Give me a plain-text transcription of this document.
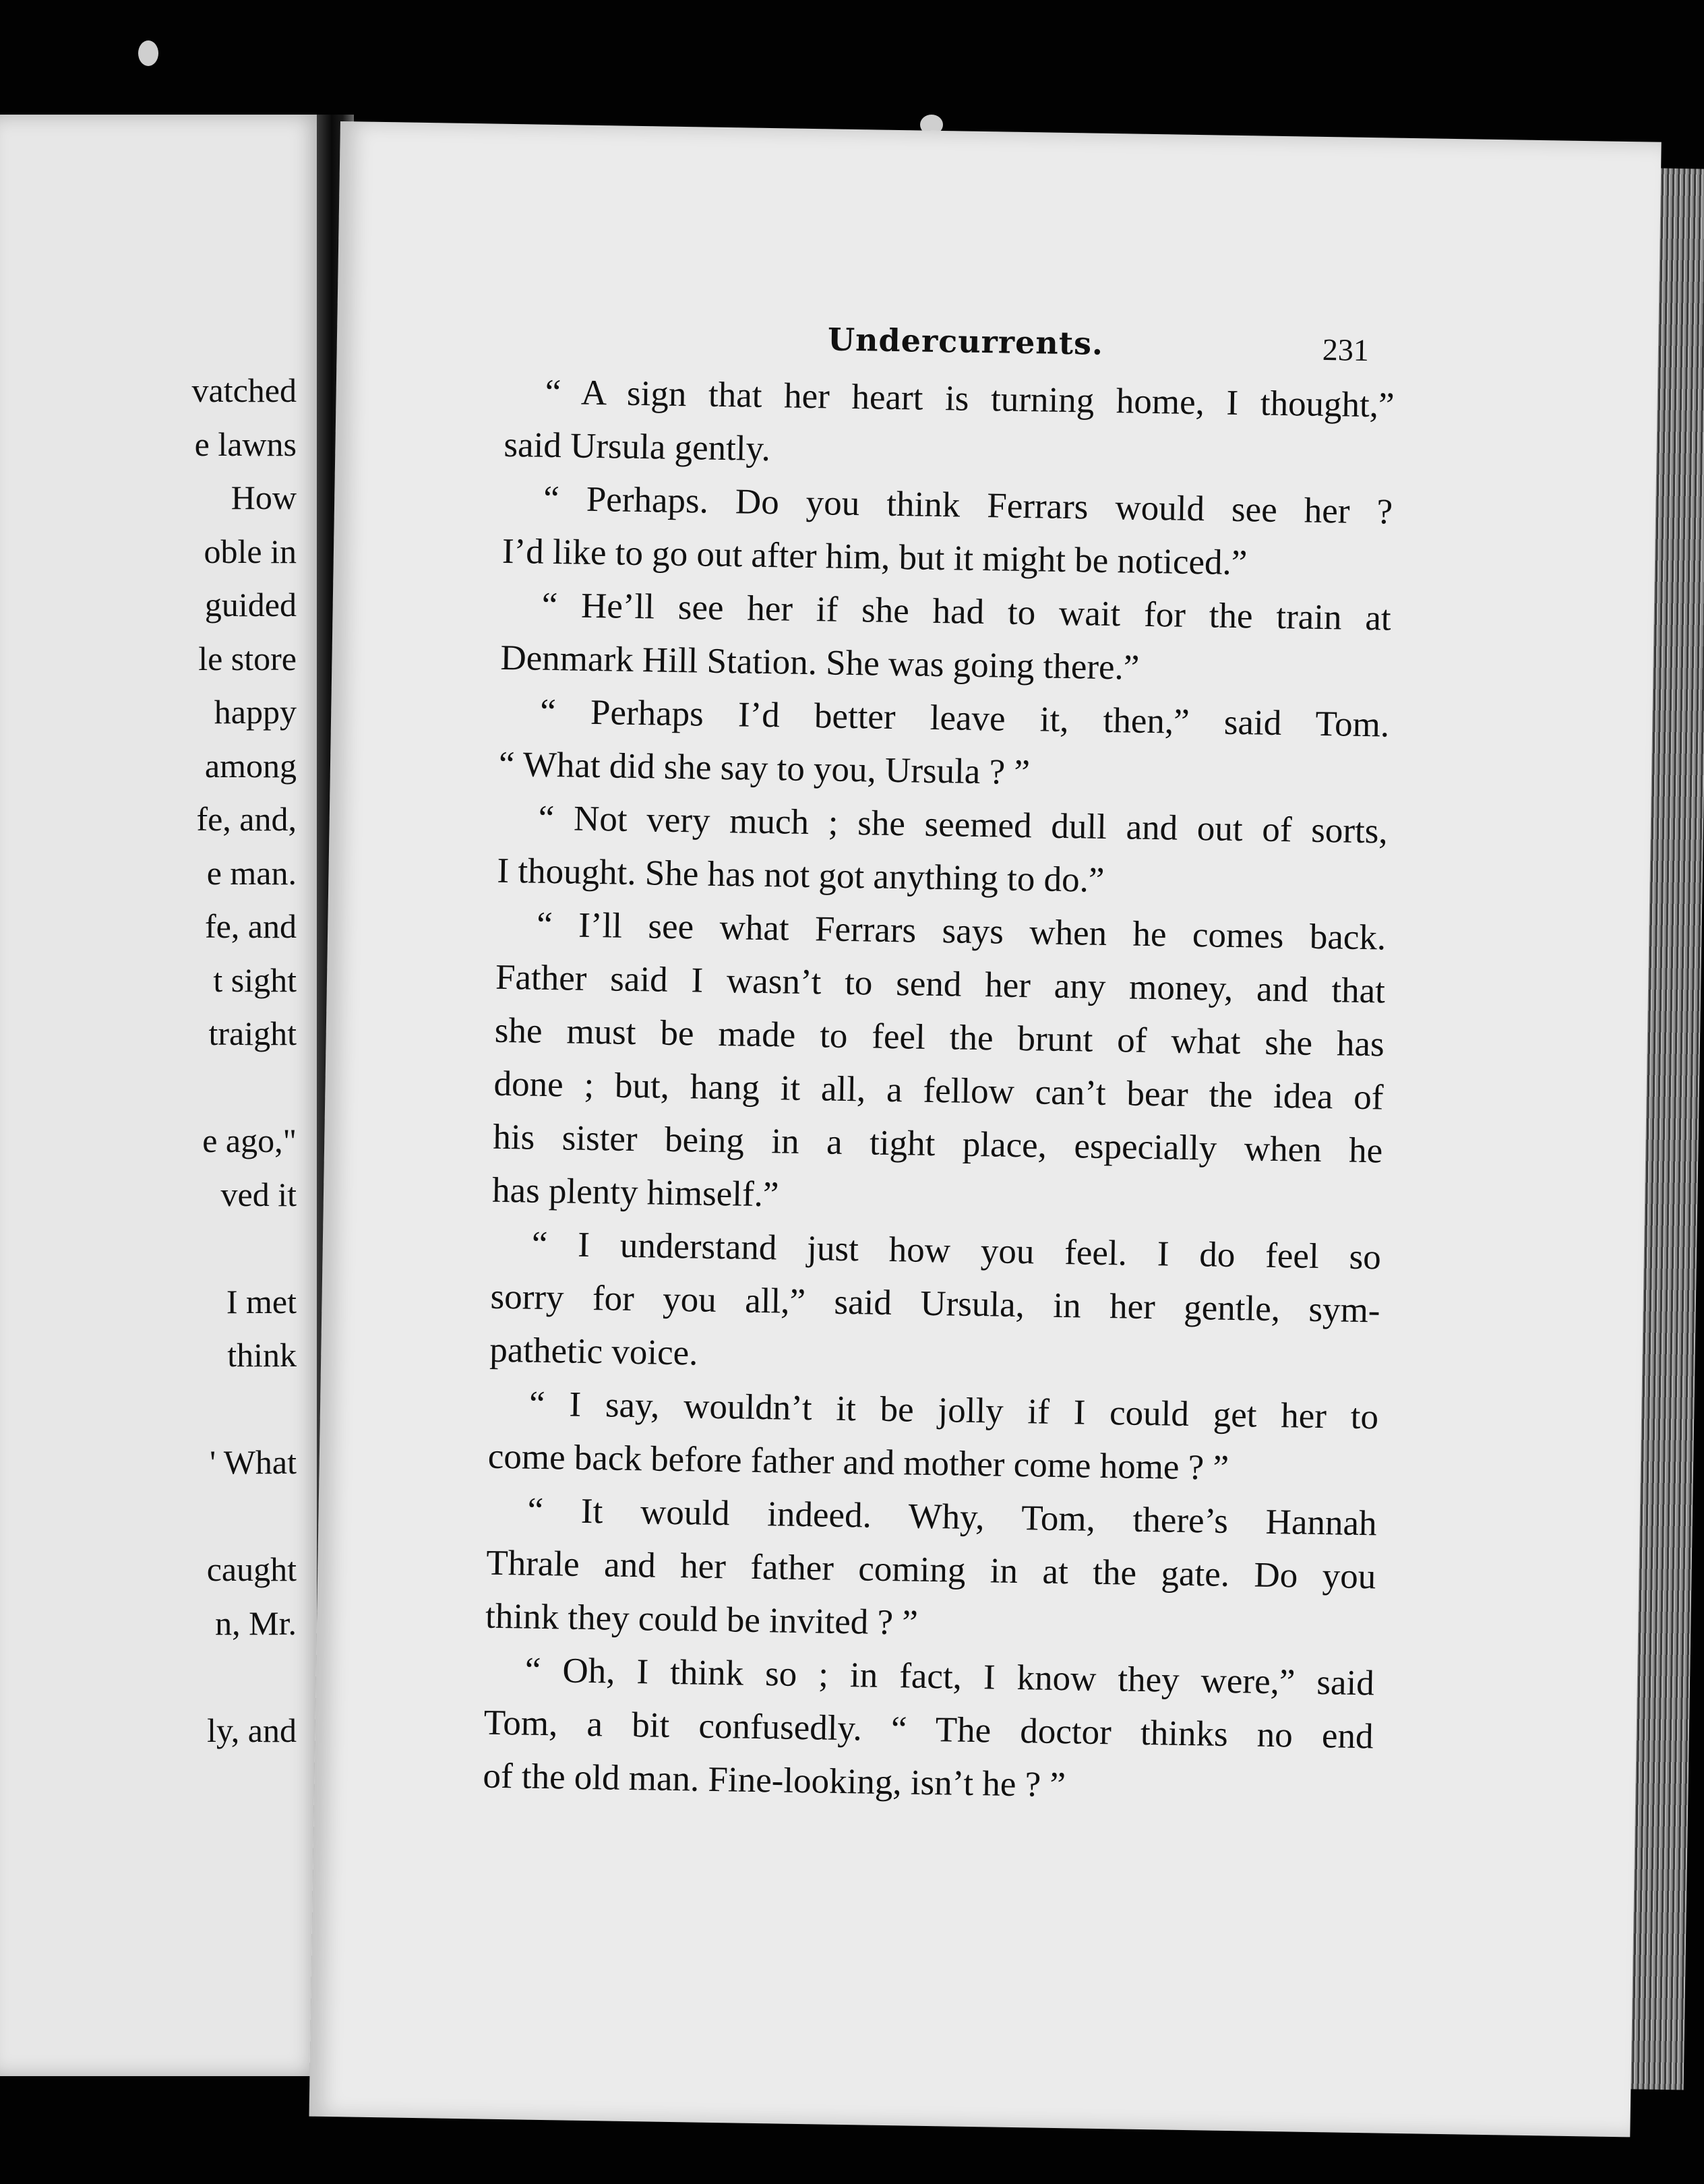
vatched

e lawns

How

oble in

guided

le store

happy

among

fe, and,

e man.

fe, and

t sight

traight

e ago,"

ved it

I met

think

' What

caught

n, Mr.

ly, and

Undercurrents.	231

“ A sign that her heart is turning home, I thought,”

said Ursula gently.

“ Perhaps. Do you think Ferrars would see her ?

I’d like to go out after him, but it might be noticed.”

“ He’ll see her if she had to wait for the train at

Denmark Hill Station. She was going there.”

“ Perhaps I’d better leave it, then,” said Tom.

“ What did she say to you, Ursula ? ”

“ Not very much ; she seemed dull and out of sorts,

I thought. She has not got anything to do.”

“ I’ll see what Ferrars says when he comes back.

Father said I wasn’t to send her any money, and that

she must be made to feel the brunt of what she has

done ; but, hang it all, a fellow can’t bear the idea of

his sister being in a tight place, especially when he

has plenty himself.”

“ I understand just how you feel. I do feel so

sorry for you all,” said Ursula, in her gentle, sym-

pathetic voice.

“ I say, wouldn’t it be jolly if I could get her to

come back before father and mother come home ? ”

“ It would indeed. Why, Tom, there’s Hannah

Thrale and her father coming in at the gate. Do you

think they could be invited ? ”

“ Oh, I think so ; in fact, I know they were,” said

Tom, a bit confusedly. “ The doctor thinks no end

of the old man. Fine-looking, isn’t he ? ”
